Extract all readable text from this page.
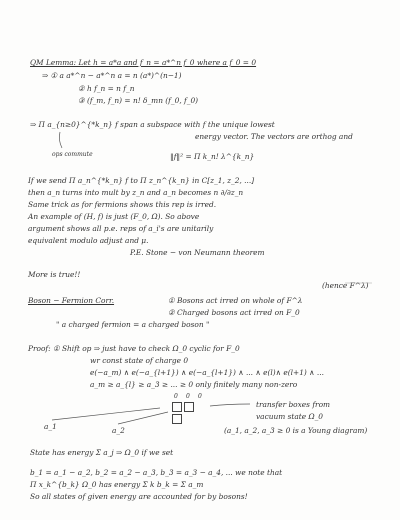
QM Lemma: Let h = a*a and f_n = a*^n f_0 where a f_0 = 0
⇒ ① a a*^n − a*^n a = n (a*)^(n−1)
② h f_n = n f_n
③ (f_m, f_n) = n! δ_mn (f_0, f_0)
⇒ Π a_{n≥0}^{*k_n} f span a subspace with f the unique lowest
energy vector. The vectors are orthog and
ops commute	‖f‖² = Π k_n! λ^{k_n}
If we send Π a_n^{*k_n} f to Π z_n^{k_n} in C[z_1, z_2, ...]
then a_n turns into mult by z_n and a_n becomes n ∂/∂z_n
Same trick as for fermions shows this rep is irred.
An example of (H, f) is just (F_0, Ω). So above
argument shows all p.e. reps of a_i's are unitarily
equivalent modulo adjust and μ.
P.E. Stone − von Neumann theorem
More is true!!
(hence F^λ)
Boson − Fermion Corr.	① Bosons act irred on whole of F^λ
② Charged bosons act irred on F_0
" a charged fermion = a charged boson "
Proof: ① Shift op ⇒ just have to check Ω_0 cyclic for F_0
wr const state of charge 0
e(−a_m) ∧ e(−a_{l+1}) ∧ e(−a_{l+1}) ∧ ... ∧ e(l)∧ e(l+1) ∧ ...
a_m ≥ a_{l} ≥ a_3 ≥ ... ≥ 0 only finitely many non-zero
0 0 0
transfer boxes from
vacuum state Ω_0
(a_1, a_2, a_3 ≥ 0 is a Young diagram)
a_1	a_2
State has energy Σ a_j ⇒ Ω_0 if we set
b_1 = a_1 − a_2, b_2 = a_2 − a_3, b_3 = a_3 − a_4, ... we note that
Π x_k^{b_k} Ω_0 has energy Σ k b_k = Σ a_m
So all states of given energy are accounted for by bosons!
